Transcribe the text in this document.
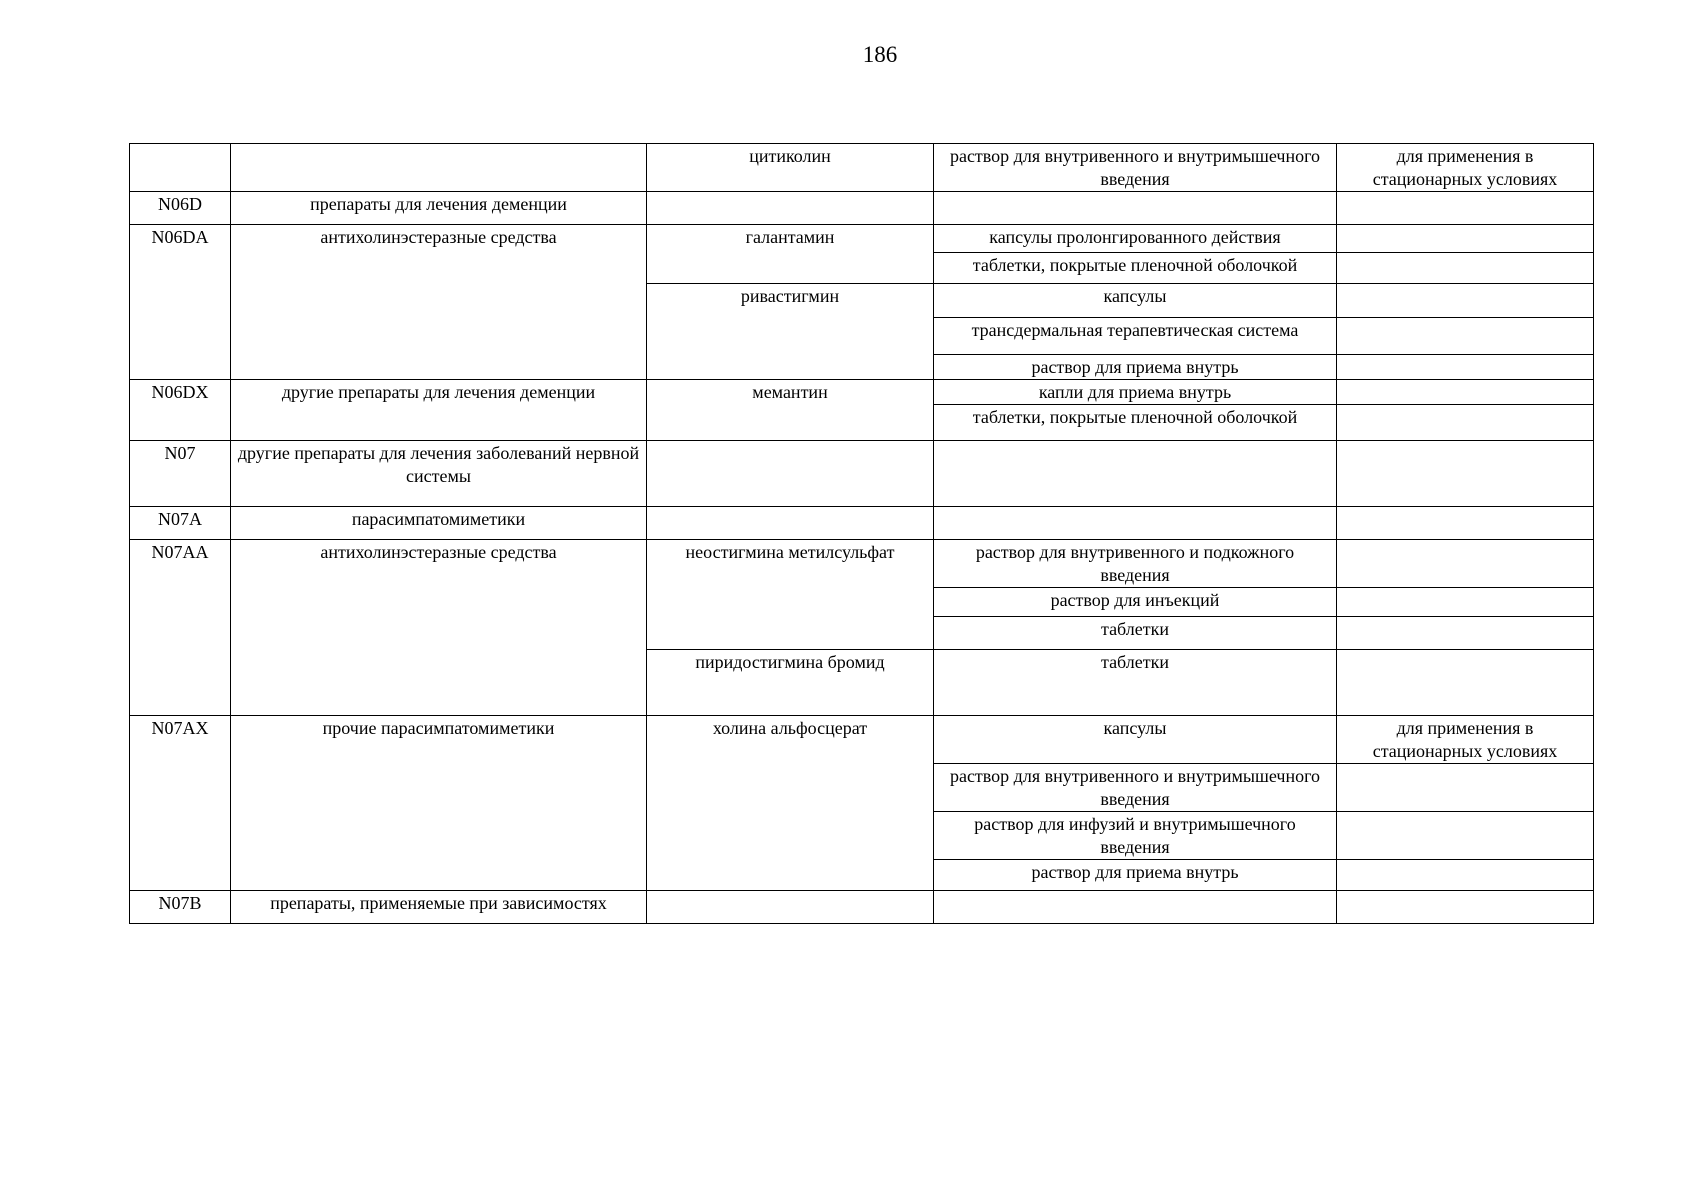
186
		цитиколин	раствор для внутривенного и внутримышечного введения	для применения в стационарных условиях
N06D	препараты для лечения деменции			
N06DA	антихолинэстеразные средства	галантамин	капсулы пролонгированного действия	
			таблетки, покрытые пленочной оболочкой	
		ривастигмин	капсулы	
			трансдермальная терапевтическая система	
			раствор для приема внутрь	
N06DX	другие препараты для лечения деменции	мемантин	капли для приема внутрь	
			таблетки, покрытые пленочной оболочкой	
N07	другие препараты для лечения заболеваний нервной системы			
N07A	парасимпатомиметики			
N07AA	антихолинэстеразные средства	неостигмина метилсульфат	раствор для внутривенного и подкожного введения	
			раствор для инъекций	
			таблетки	
		пиридостигмина бромид	таблетки	
N07AX	прочие парасимпатомиметики	холина альфосцерат	капсулы	для применения в стационарных условиях
			раствор для внутривенного и внутримышечного введения	
			раствор для инфузий и внутримышечного введения	
			раствор для приема внутрь	
N07B	препараты, применяемые при зависимостях			
